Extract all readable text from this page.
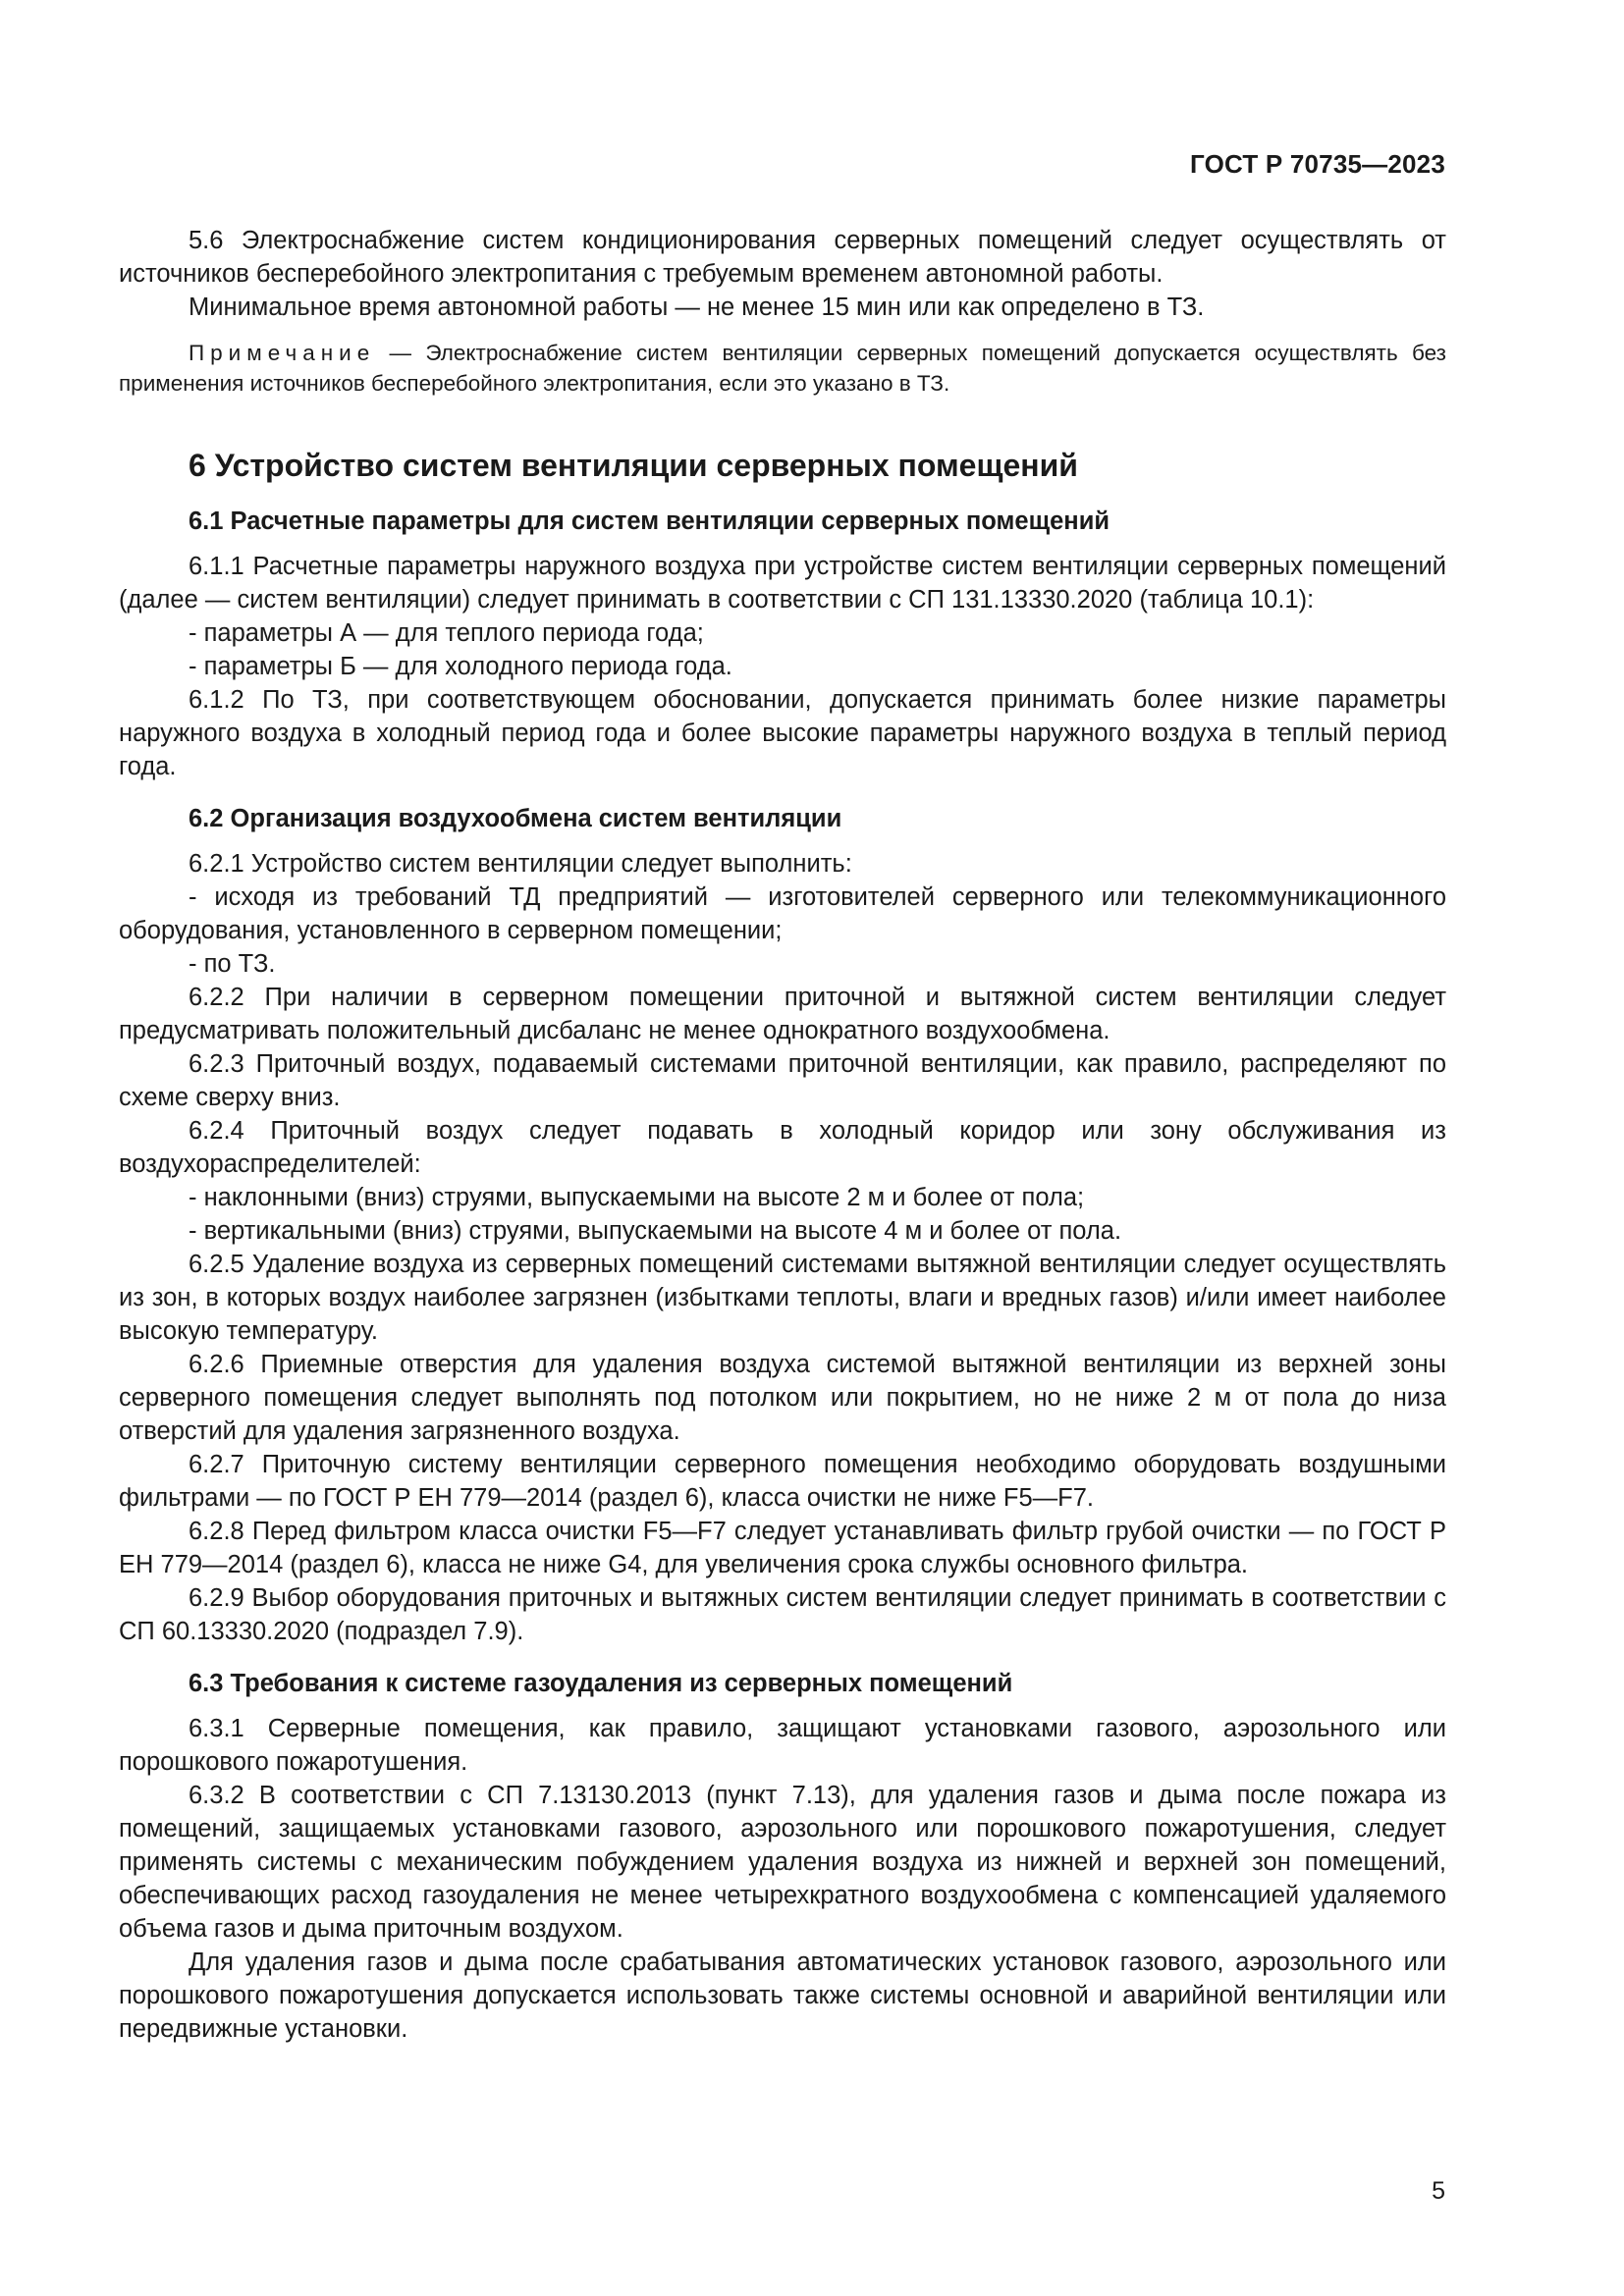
ГОСТ Р 70735—2023

5.6 Электроснабжение систем кондиционирования серверных помещений следует осуществлять от источников бесперебойного электропитания с требуемым временем автономной работы.

Минимальное время автономной работы — не менее 15 мин или как определено в ТЗ.

Примечание — Электроснабжение систем вентиляции серверных помещений допускается осуществлять без применения источников бесперебойного электропитания, если это указано в ТЗ.

6 Устройство систем вентиляции серверных помещений
6.1 Расчетные параметры для систем вентиляции серверных помещений

6.1.1 Расчетные параметры наружного воздуха при устройстве систем вентиляции серверных помещений (далее — систем вентиляции) следует принимать в соответствии с СП 131.13330.2020 (таблица 10.1):

- параметры А — для теплого периода года;

- параметры Б — для холодного периода года.

6.1.2 По ТЗ, при соответствующем обосновании, допускается принимать более низкие параметры наружного воздуха в холодный период года и более высокие параметры наружного воздуха в теплый период года.

6.2 Организация воздухообмена систем вентиляции

6.2.1 Устройство систем вентиляции следует выполнить:

- исходя из требований ТД предприятий — изготовителей серверного или телекоммуникационного оборудования, установленного в серверном помещении;

- по ТЗ.

6.2.2 При наличии в серверном помещении приточной и вытяжной систем вентиляции следует предусматривать положительный дисбаланс не менее однократного воздухообмена.

6.2.3 Приточный воздух, подаваемый системами приточной вентиляции, как правило, распределяют по схеме сверху вниз.

6.2.4 Приточный воздух следует подавать в холодный коридор или зону обслуживания из воздухораспределителей:

- наклонными (вниз) струями, выпускаемыми на высоте 2 м и более от пола;

- вертикальными (вниз) струями, выпускаемыми на высоте 4 м и более от пола.

6.2.5 Удаление воздуха из серверных помещений системами вытяжной вентиляции следует осуществлять из зон, в которых воздух наиболее загрязнен (избытками теплоты, влаги и вредных газов) и/или имеет наиболее высокую температуру.

6.2.6 Приемные отверстия для удаления воздуха системой вытяжной вентиляции из верхней зоны серверного помещения следует выполнять под потолком или покрытием, но не ниже 2 м от пола до низа отверстий для удаления загрязненного воздуха.

6.2.7 Приточную систему вентиляции серверного помещения необходимо оборудовать воздушными фильтрами — по ГОСТ Р ЕН 779—2014 (раздел 6), класса очистки не ниже F5—F7.

6.2.8 Перед фильтром класса очистки F5—F7 следует устанавливать фильтр грубой очистки — по ГОСТ Р ЕН 779—2014 (раздел 6), класса не ниже G4, для увеличения срока службы основного фильтра.

6.2.9 Выбор оборудования приточных и вытяжных систем вентиляции следует принимать в соответствии с СП 60.13330.2020 (подраздел 7.9).

6.3 Требования к системе газоудаления из серверных помещений

6.3.1 Серверные помещения, как правило, защищают установками газового, аэрозольного или порошкового пожаротушения.

6.3.2 В соответствии с СП 7.13130.2013 (пункт 7.13), для удаления газов и дыма после пожара из помещений, защищаемых установками газового, аэрозольного или порошкового пожаротушения, следует применять системы с механическим побуждением удаления воздуха из нижней и верхней зон помещений, обеспечивающих расход газоудаления не менее четырехкратного воздухообмена с компенсацией удаляемого объема газов и дыма приточным воздухом.

Для удаления газов и дыма после срабатывания автоматических установок газового, аэрозольного или порошкового пожаротушения допускается использовать также системы основной и аварийной вентиляции или передвижные установки.

5
